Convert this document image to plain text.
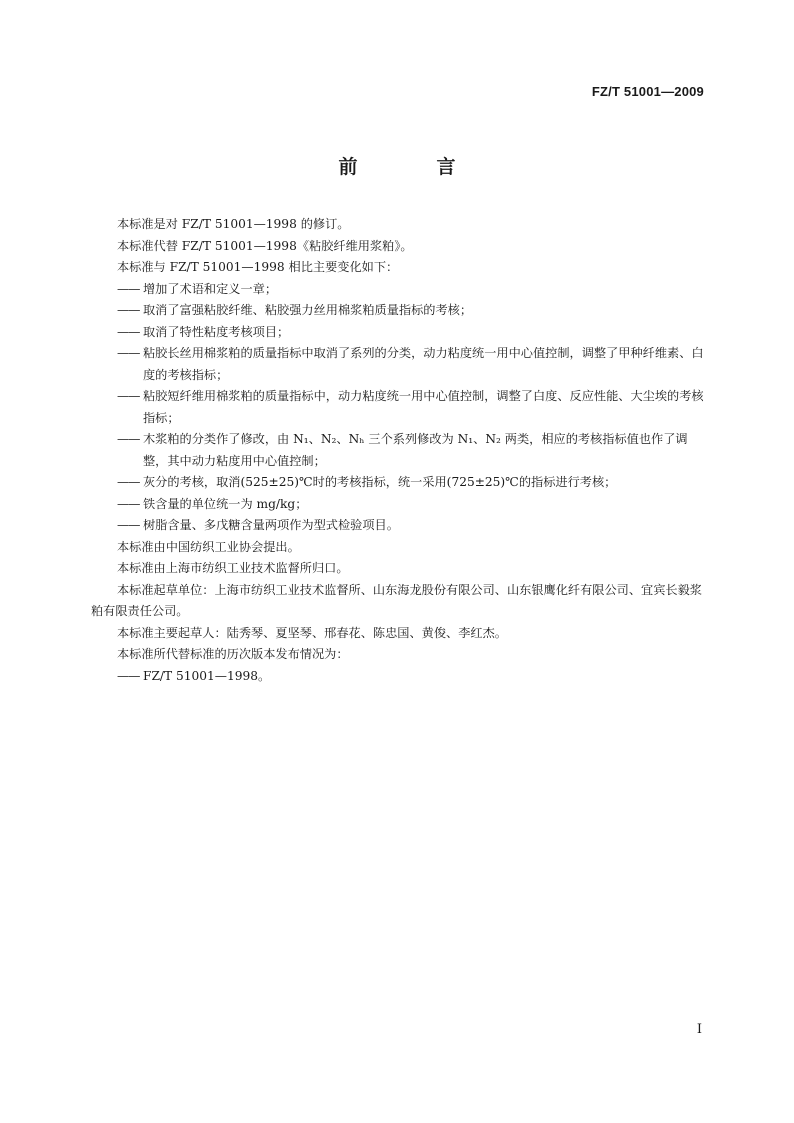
FZ/T 51001—2009
前　言

本标准是对 FZ/T 51001—1998 的修订。

本标准代替 FZ/T 51001—1998《粘胶纤维用浆粕》。

本标准与 FZ/T 51001—1998 相比主要变化如下：

—— 增加了术语和定义一章；

—— 取消了富强粘胶纤维、粘胶强力丝用棉浆粕质量指标的考核；

—— 取消了特性粘度考核项目；

—— 粘胶长丝用棉浆粕的质量指标中取消了系列的分类，动力粘度统一用中心值控制，调整了甲种纤维素、白度的考核指标；

—— 粘胶短纤维用棉浆粕的质量指标中，动力粘度统一用中心值控制，调整了白度、反应性能、大尘埃的考核指标；

—— 木浆粕的分类作了修改，由 N₁、N₂、Nₕ 三个系列修改为 N₁、N₂ 两类，相应的考核指标值也作了调整，其中动力粘度用中心值控制；

—— 灰分的考核，取消(525±25)℃时的考核指标，统一采用(725±25)℃的指标进行考核；

—— 铁含量的单位统一为 mg/kg；

—— 树脂含量、多戊糖含量两项作为型式检验项目。

本标准由中国纺织工业协会提出。

本标准由上海市纺织工业技术监督所归口。

本标准起草单位：上海市纺织工业技术监督所、山东海龙股份有限公司、山东银鹰化纤有限公司、宜宾长毅浆粕有限责任公司。

本标准主要起草人：陆秀琴、夏坚琴、邢春花、陈忠国、黄俊、李红杰。

本标准所代替标准的历次版本发布情况为：

—— FZ/T 51001—1998。

I
